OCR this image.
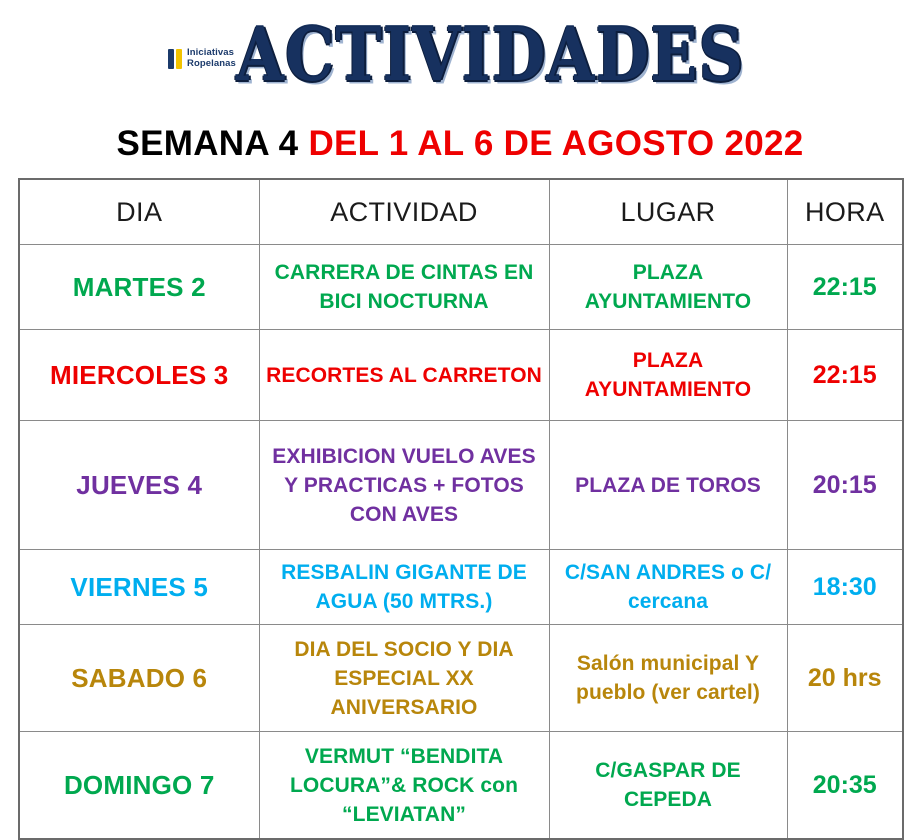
Iniciativas
Ropelanas ACTIVIDADES
SEMANA 4 DEL 1 AL 6 DE AGOSTO 2022
DIA	ACTIVIDAD	LUGAR	HORA
MARTES 2	CARRERA DE CINTAS EN BICI NOCTURNA	PLAZA AYUNTAMIENTO	22:15
MIERCOLES 3	RECORTES AL CARRETON	PLAZA AYUNTAMIENTO	22:15
JUEVES 4	EXHIBICION VUELO AVES Y PRACTICAS + FOTOS CON AVES	PLAZA DE TOROS	20:15
VIERNES 5	RESBALIN GIGANTE DE AGUA (50 MTRS.)	C/SAN ANDRES o C/ cercana	18:30
SABADO 6	DIA DEL SOCIO Y DIA ESPECIAL XX ANIVERSARIO	Salón municipal Y pueblo (ver cartel)	20 hrs
DOMINGO 7	VERMUT “BENDITA LOCURA”& ROCK con “LEVIATAN”	C/GASPAR DE CEPEDA	20:35
